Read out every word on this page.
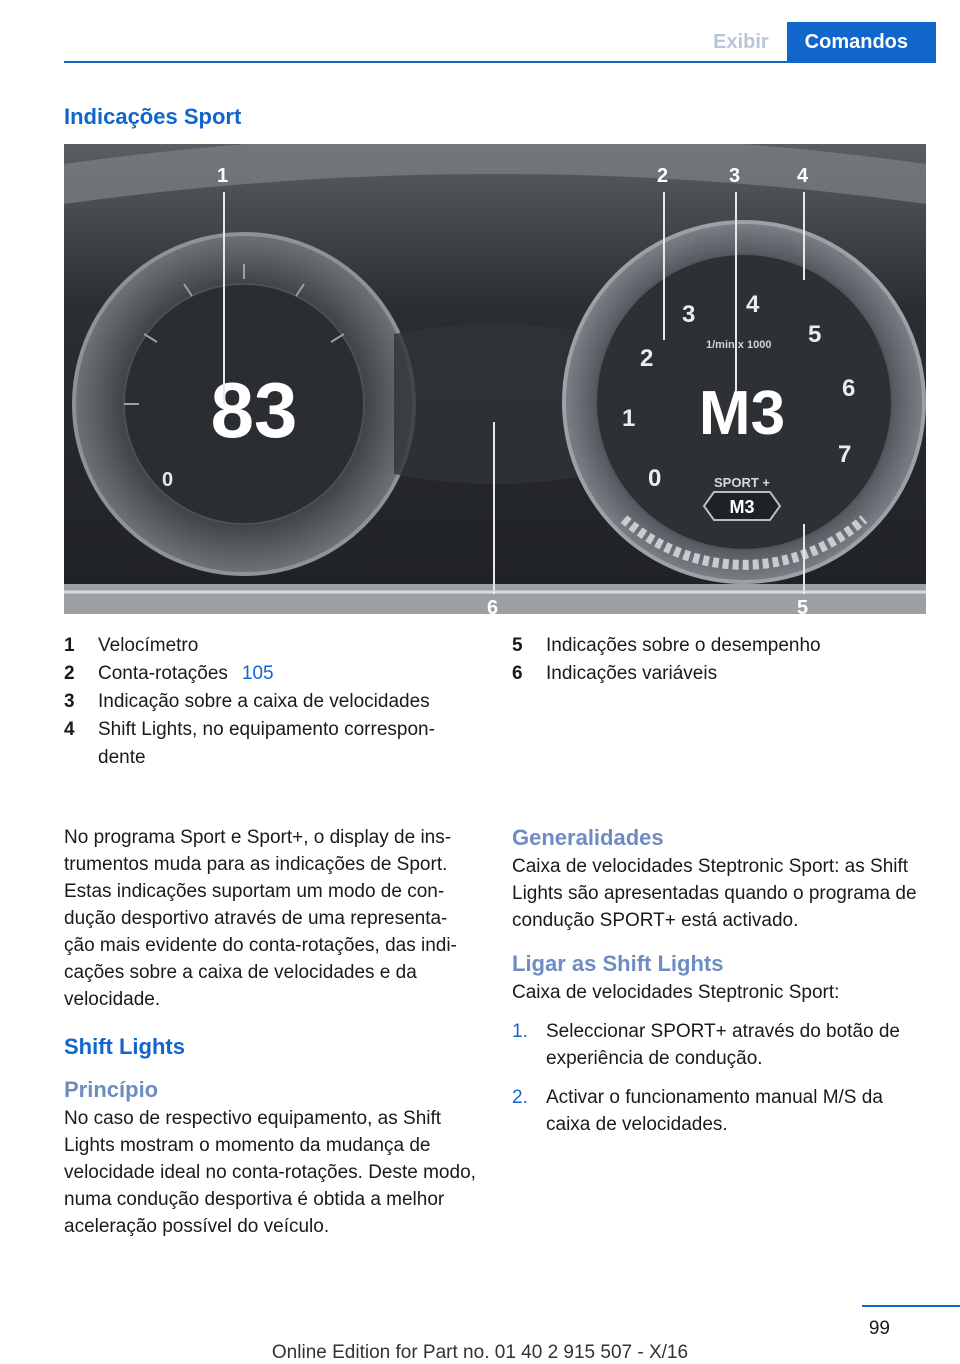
Exibir	Comandos
Indicações Sport
83
0	0
1
2
3 4
5
6
7
1/min x 1000
M3
SPORT +
M3
1	2	3	4
5
6
1	Velocímetro
2	Conta-rotações 105
3	Indicação sobre a caixa de velocidades
4	Shift Lights, no equipamento correspon‐dente
5	Indicações sobre o desempenho
6	Indicações variáveis

No programa Sport e Sport+, o display de ins‐trumentos muda para as indicações de Sport. Estas indicações suportam um modo de con‐dução desportivo através de uma representa‐ção mais evidente do conta-rotações, das indi‐cações sobre a caixa de velocidades e da velocidade.

Shift Lights
Princípio

No caso de respectivo equipamento, as Shift Lights mostram o momento da mudança de velocidade ideal no conta-rotações. Deste modo, numa condução desportiva é obtida a melhor aceleração possível do veículo.

Generalidades

Caixa de velocidades Steptronic Sport: as Shift Lights são apresentadas quando o programa de condução SPORT+ está activado.

Ligar as Shift Lights

Caixa de velocidades Steptronic Sport:

1. Seleccionar SPORT+ através do botão de experiência de condução.
2. Activar o funcionamento manual M/S da caixa de velocidades.
99
Online Edition for Part no. 01 40 2 915 507 - X/16
